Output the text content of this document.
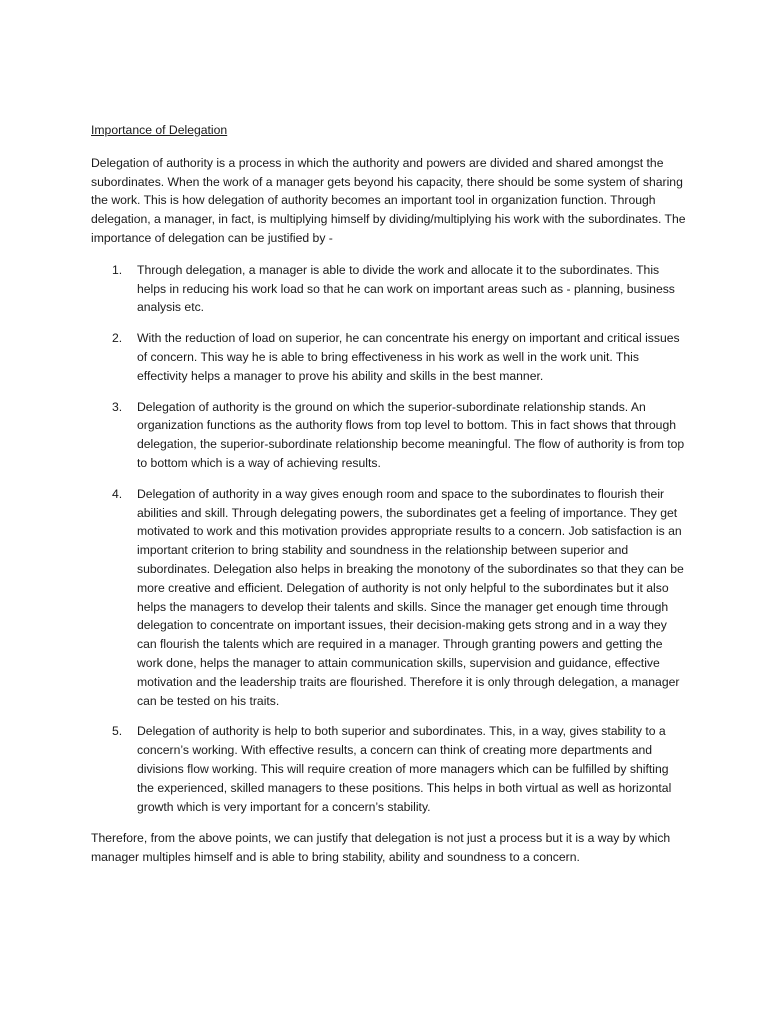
Importance of Delegation

Delegation of authority is a process in which the authority and powers are divided and shared amongst the subordinates. When the work of a manager gets beyond his capacity, there should be some system of sharing the work. This is how delegation of authority becomes an important tool in organization function. Through delegation, a manager, in fact, is multiplying himself by dividing/multiplying his work with the subordinates. The importance of delegation can be justified by -

1. Through delegation, a manager is able to divide the work and allocate it to the subordinates. This helps in reducing his work load so that he can work on important areas such as - planning, business analysis etc.
2. With the reduction of load on superior, he can concentrate his energy on important and critical issues of concern. This way he is able to bring effectiveness in his work as well in the work unit. This effectivity helps a manager to prove his ability and skills in the best manner.
3. Delegation of authority is the ground on which the superior-subordinate relationship stands. An organization functions as the authority flows from top level to bottom. This in fact shows that through delegation, the superior-subordinate relationship become meaningful. The flow of authority is from top to bottom which is a way of achieving results.
4. Delegation of authority in a way gives enough room and space to the subordinates to flourish their abilities and skill. Through delegating powers, the subordinates get a feeling of importance. They get motivated to work and this motivation provides appropriate results to a concern. Job satisfaction is an important criterion to bring stability and soundness in the relationship between superior and subordinates. Delegation also helps in breaking the monotony of the subordinates so that they can be more creative and efficient. Delegation of authority is not only helpful to the subordinates but it also helps the managers to develop their talents and skills. Since the manager get enough time through delegation to concentrate on important issues, their decision-making gets strong and in a way they can flourish the talents which are required in a manager. Through granting powers and getting the work done, helps the manager to attain communication skills, supervision and guidance, effective motivation and the leadership traits are flourished. Therefore it is only through delegation, a manager can be tested on his traits.
5. Delegation of authority is help to both superior and subordinates. This, in a way, gives stability to a concern’s working. With effective results, a concern can think of creating more departments and divisions flow working. This will require creation of more managers which can be fulfilled by shifting the experienced, skilled managers to these positions. This helps in both virtual as well as horizontal growth which is very important for a concern’s stability.

Therefore, from the above points, we can justify that delegation is not just a process but it is a way by which manager multiples himself and is able to bring stability, ability and soundness to a concern.
